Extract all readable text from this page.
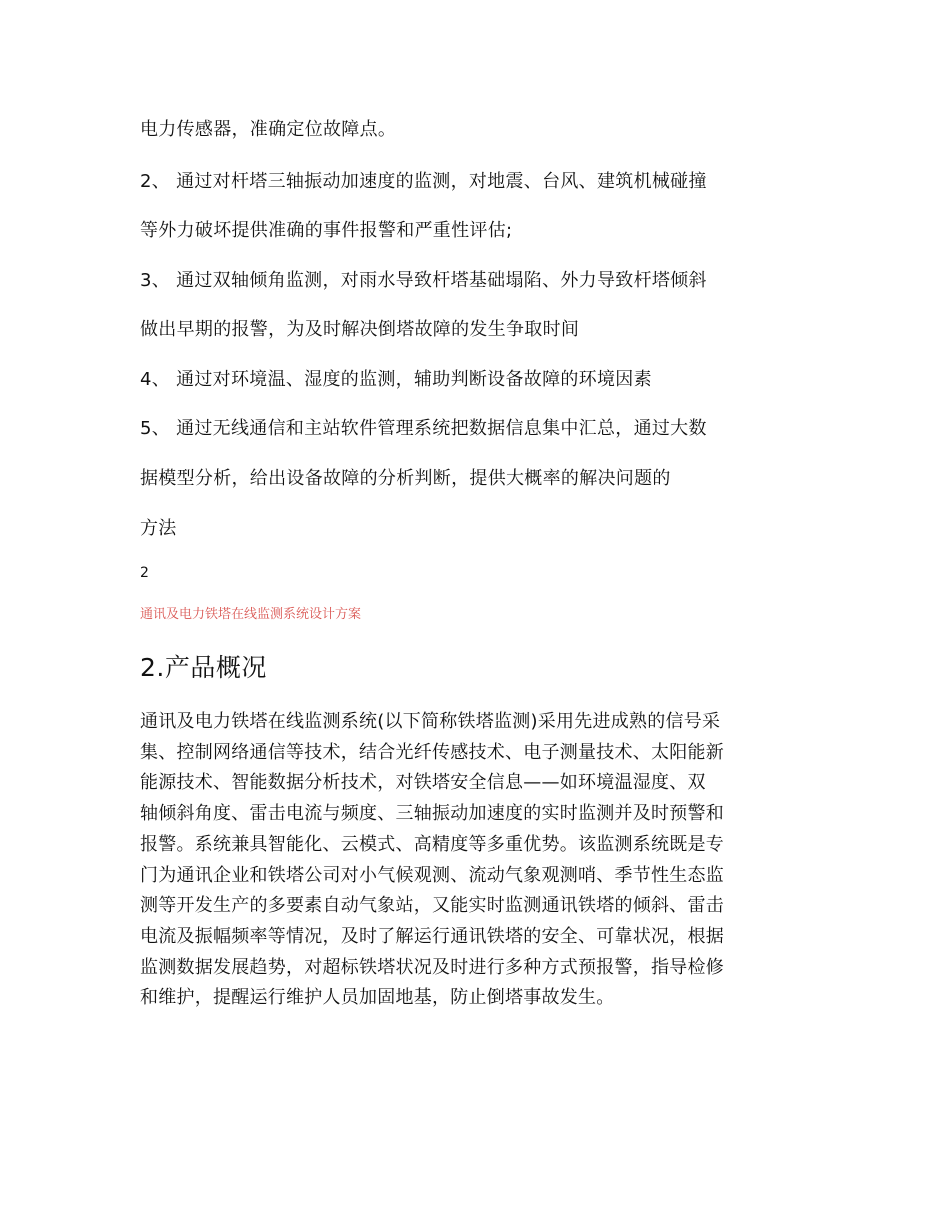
电力传感器，准确定位故障点。
2、 通过对杆塔三轴振动加速度的监测，对地震、台风、建筑机械碰撞
等外力破坏提供准确的事件报警和严重性评估;
3、 通过双轴倾角监测，对雨水导致杆塔基础塌陷、外力导致杆塔倾斜
做出早期的报警，为及时解决倒塔故障的发生争取时间
4、 通过对环境温、湿度的监测，辅助判断设备故障的环境因素
5、 通过无线通信和主站软件管理系统把数据信息集中汇总，通过大数
据模型分析，给出设备故障的分析判断，提供大概率的解决问题的
方法
2
通讯及电力铁塔在线监测系统设计方案
2.产品概况
通讯及电力铁塔在线监测系统(以下简称铁塔监测)采用先进成熟的信号采
集、控制网络通信等技术，结合光纤传感技术、电子测量技术、太阳能新
能源技术、智能数据分析技术，对铁塔安全信息——如环境温湿度、双
轴倾斜角度、雷击电流与频度、三轴振动加速度的实时监测并及时预警和
报警。系统兼具智能化、云模式、高精度等多重优势。该监测系统既是专
门为通讯企业和铁塔公司对小气候观测、流动气象观测哨、季节性生态监
测等开发生产的多要素自动气象站，又能实时监测通讯铁塔的倾斜、雷击
电流及振幅频率等情况，及时了解运行通讯铁塔的安全、可靠状况，根据
监测数据发展趋势，对超标铁塔状况及时进行多种方式预报警，指导检修
和维护，提醒运行维护人员加固地基，防止倒塔事故发生。
